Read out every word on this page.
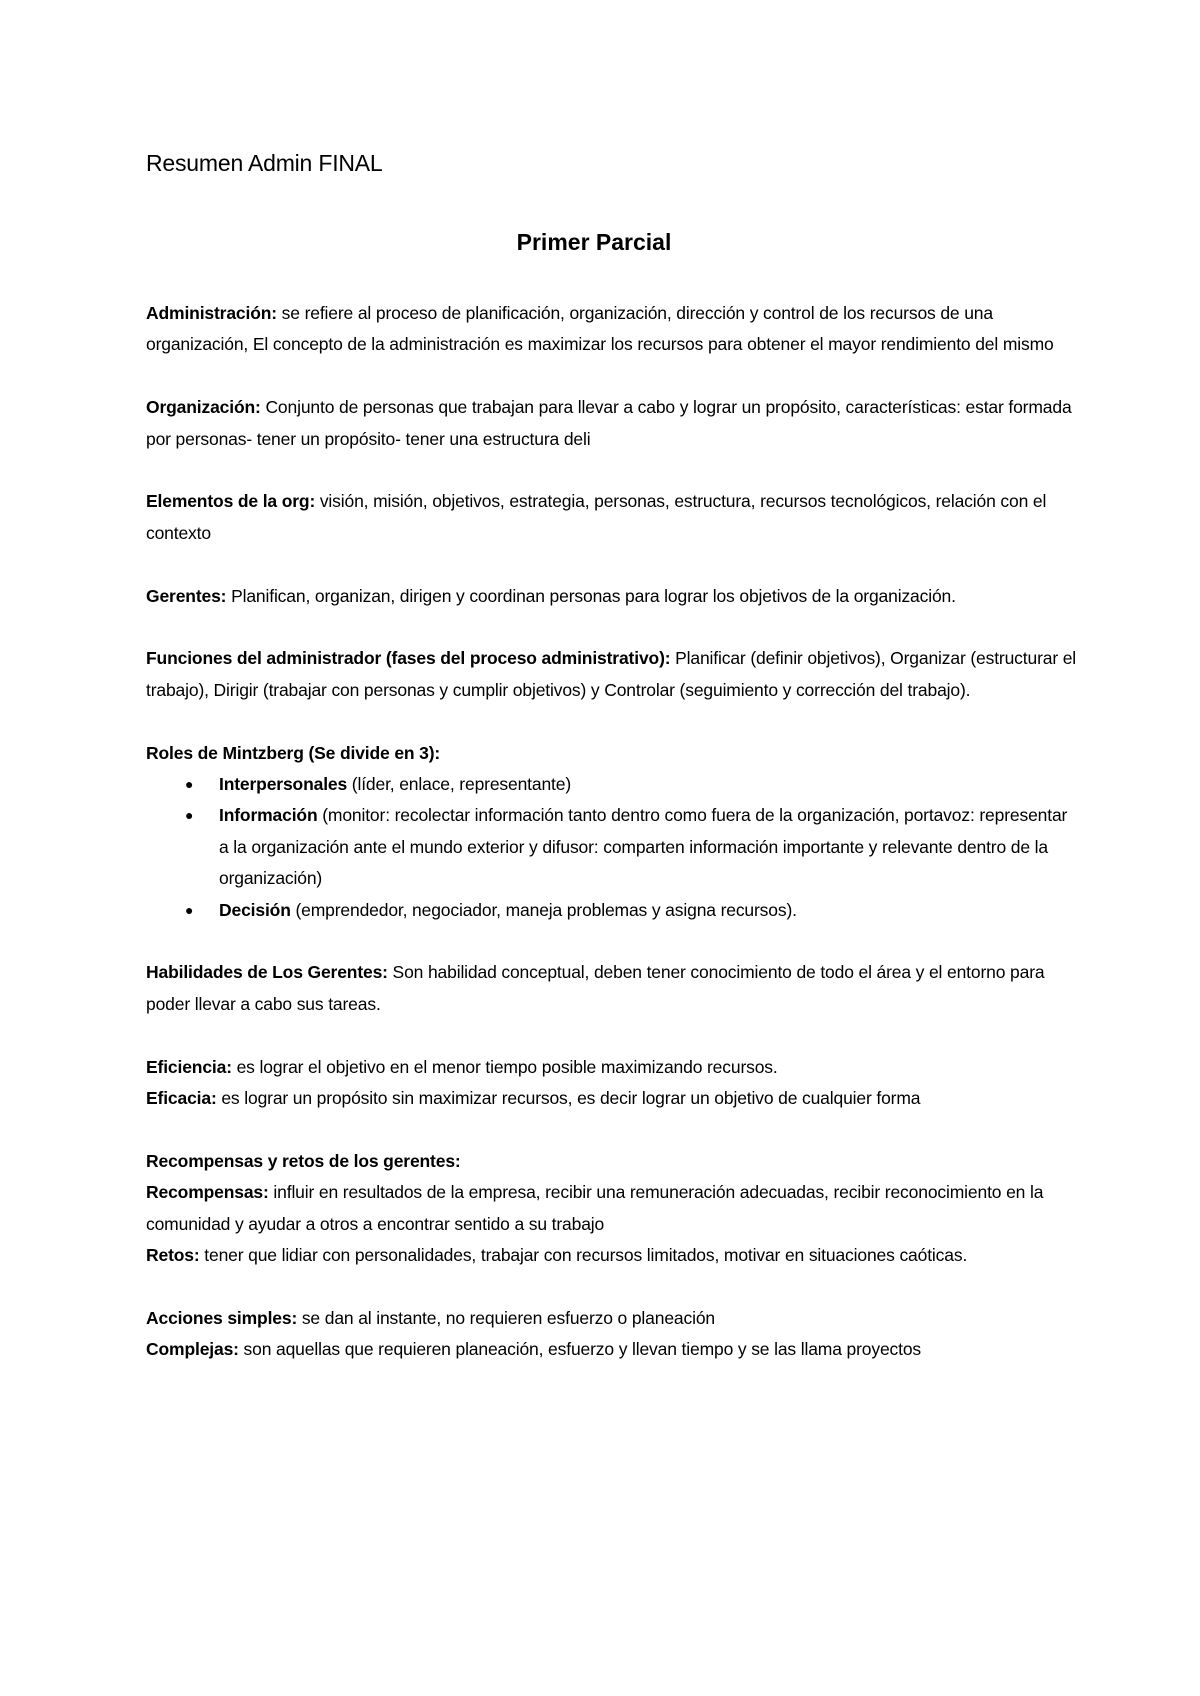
Resumen Admin FINAL
Primer Parcial

Administración: se refiere al proceso de planificación, organización, dirección y control de los recursos de una organización, El concepto de la administración es maximizar los recursos para obtener el mayor rendimiento del mismo

Organización: Conjunto de personas que trabajan para llevar a cabo y lograr un propósito, características: estar formada por personas- tener un propósito- tener una estructura deli

Elementos de la org: visión, misión, objetivos, estrategia, personas, estructura, recursos tecnológicos, relación con el contexto

Gerentes: Planifican, organizan, dirigen y coordinan personas para lograr los objetivos de la organización.

Funciones del administrador (fases del proceso administrativo): Planificar (definir objetivos), Organizar (estructurar el trabajo), Dirigir (trabajar con personas y cumplir objetivos) y Controlar (seguimiento y corrección del trabajo).

Roles de Mintzberg (Se divide en 3):

● Interpersonales (líder, enlace, representante)
● Información (monitor: recolectar información tanto dentro como fuera de la organización, portavoz: representar a la organización ante el mundo exterior y difusor: comparten información importante y relevante dentro de la organización)
● Decisión (emprendedor, negociador, maneja problemas y asigna recursos).

Habilidades de Los Gerentes: Son habilidad conceptual, deben tener conocimiento de todo el área y el entorno para poder llevar a cabo sus tareas.

Eficiencia: es lograr el objetivo en el menor tiempo posible maximizando recursos.

Eficacia: es lograr un propósito sin maximizar recursos, es decir lograr un objetivo de cualquier forma

Recompensas y retos de los gerentes:

Recompensas: influir en resultados de la empresa, recibir una remuneración adecuadas, recibir reconocimiento en la comunidad y ayudar a otros a encontrar sentido a su trabajo

Retos: tener que lidiar con personalidades, trabajar con recursos limitados, motivar en situaciones caóticas.

Acciones simples: se dan al instante, no requieren esfuerzo o planeación

Complejas: son aquellas que requieren planeación, esfuerzo y llevan tiempo y se las llama proyectos
